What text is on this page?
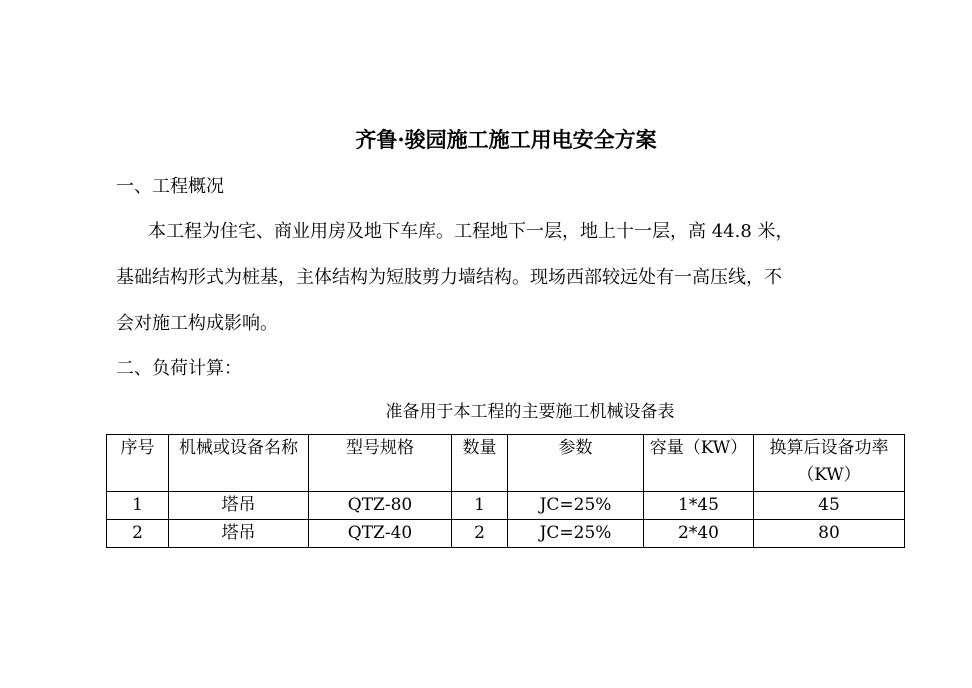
齐鲁·骏园施工施工用电安全方案

一、工程概况

本工程为住宅、商业用房及地下车库。工程地下一层，地上十一层，高 44.8 米，

基础结构形式为桩基，主体结构为短肢剪力墙结构。现场西部较远处有一高压线，不

会对施工构成影响。

二、负荷计算：

准备用于本工程的主要施工机械设备表
序号	机械或设备名称	型号规格	数量	参数	容量（KW）	换算后设备功率（KW）
1	塔吊	QTZ-80	1	JC=25%	1*45	45
2	塔吊	QTZ-40	2	JC=25%	2*40	80
